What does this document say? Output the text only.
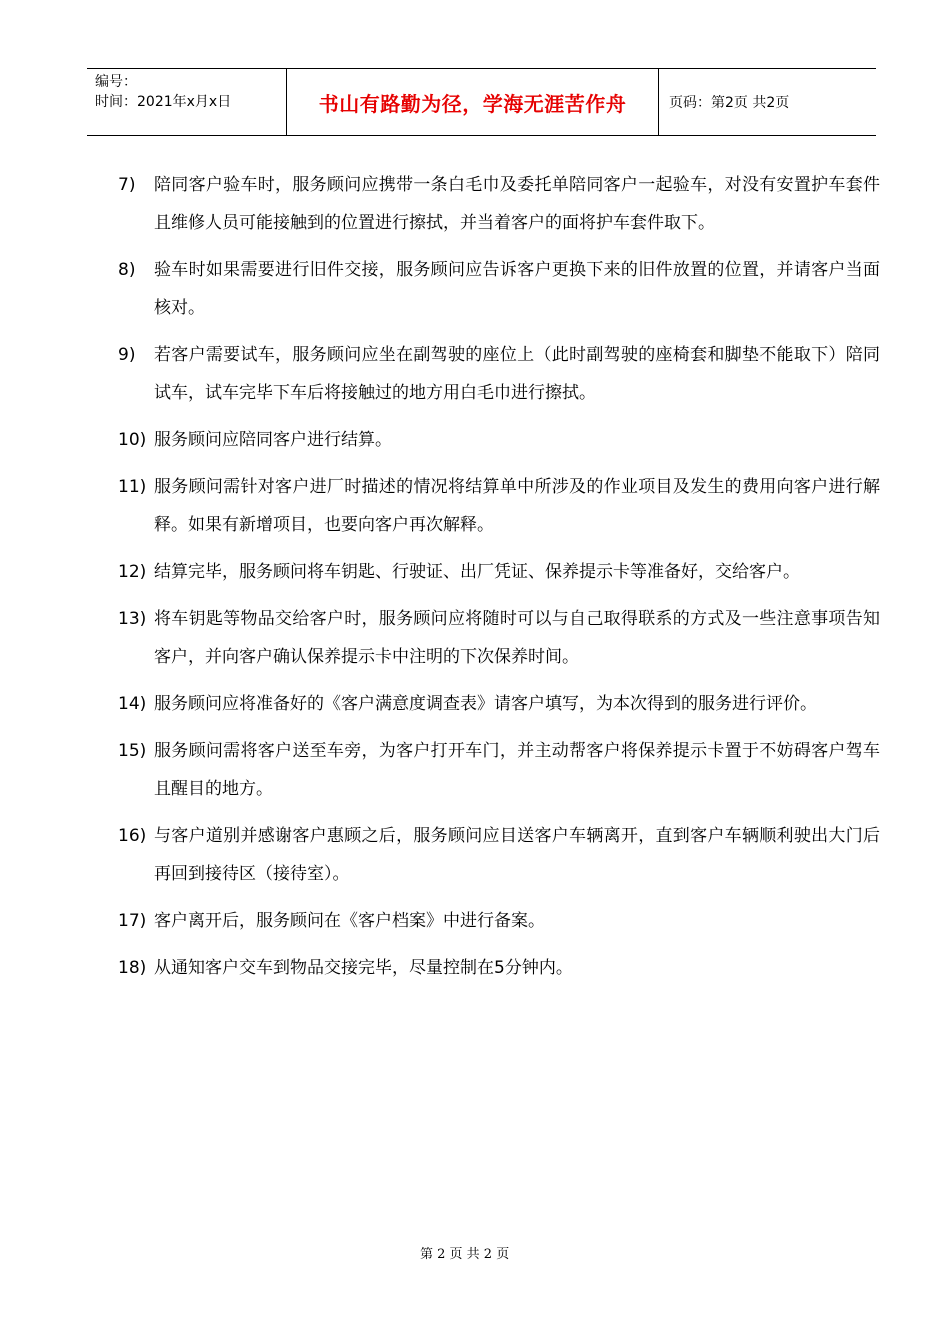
编号：
时间：2021年x月x日	书山有路勤为径，学海无涯苦作舟	页码：第2页 共2页
7)	陪同客户验车时，服务顾问应携带一条白毛巾及委托单陪同客户一起验车，对没有安置护车套件且维修人员可能接触到的位置进行擦拭，并当着客户的面将护车套件取下。
8)	验车时如果需要进行旧件交接，服务顾问应告诉客户更换下来的旧件放置的位置，并请客户当面核对。
9)	若客户需要试车，服务顾问应坐在副驾驶的座位上（此时副驾驶的座椅套和脚垫不能取下）陪同试车，试车完毕下车后将接触过的地方用白毛巾进行擦拭。
10) 服务顾问应陪同客户进行结算。
11) 服务顾问需针对客户进厂时描述的情况将结算单中所涉及的作业项目及发生的费用向客户进行解释。如果有新增项目，也要向客户再次解释。
12) 结算完毕，服务顾问将车钥匙、行驶证、出厂凭证、保养提示卡等准备好，交给客户。
13) 将车钥匙等物品交给客户时，服务顾问应将随时可以与自己取得联系的方式及一些注意事项告知客户，并向客户确认保养提示卡中注明的下次保养时间。
14) 服务顾问应将准备好的《客户满意度调查表》请客户填写，为本次得到的服务进行评价。
15) 服务顾问需将客户送至车旁，为客户打开车门，并主动帮客户将保养提示卡置于不妨碍客户驾车且醒目的地方。
16) 与客户道别并感谢客户惠顾之后，服务顾问应目送客户车辆离开，直到客户车辆顺利驶出大门后再回到接待区（接待室）。
17) 客户离开后，服务顾问在《客户档案》中进行备案。
18) 从通知客户交车到物品交接完毕，尽量控制在5分钟内。
第 2 页 共 2 页
